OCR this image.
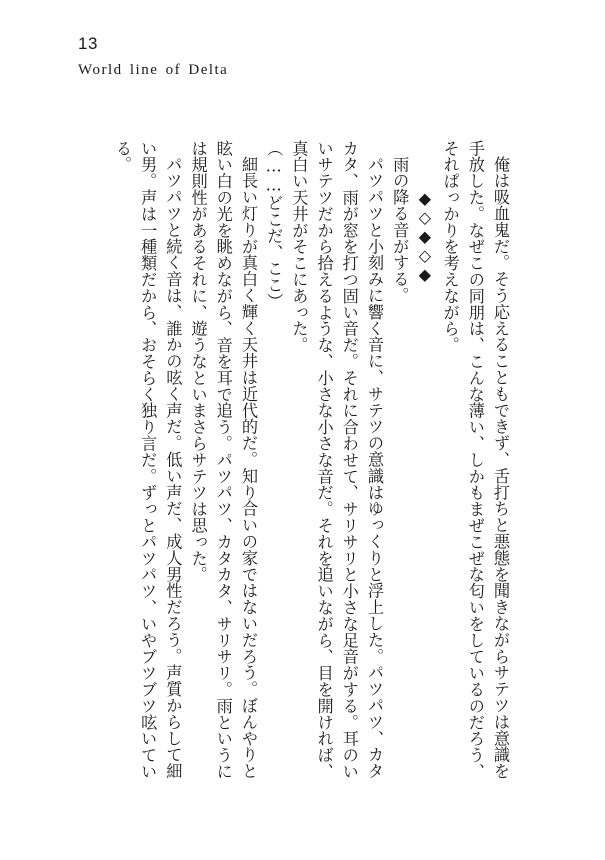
13
World line of Delta

俺は吸血鬼だ。そう応えることもできず、舌打ちと悪態を聞きながらサテツは意識を手放した。なぜこの同朋は、こんな薄い、しかもまぜこぜな匂いをしているのだろう、それぱっかりを考えながら。

◆◇◆◇◆

雨の降る音がする。

パツパツと小刻みに響く音に、サテツの意識はゆっくりと浮上した。パツパツ、カタカタ、雨が窓を打つ固い音だ。それに合わせて、サリサリと小さな足音がする。耳のいいサテツだから拾えるような、小さな小さな音だ。それを追いながら、目を開ければ、真白い天井がそこにあった。

（……どこだ、ここ）

細長い灯りが真白く輝く天井は近代的だ。知り合いの家ではないだろう。ぼんやりと眩い白の光を眺めながら、音を耳で追う。パツパツ、カタカタ、サリサリ。雨というには規則性があるそれに、遊うなといまさらサテツは思った。

パツパツと続く音は、誰かの呟く声だ。低い声だ、成人男性だろう。声質からして細い男。声は一種類だから、おそらく独り言だ。ずっとパツパツ、いやブツブツ呟いている。
